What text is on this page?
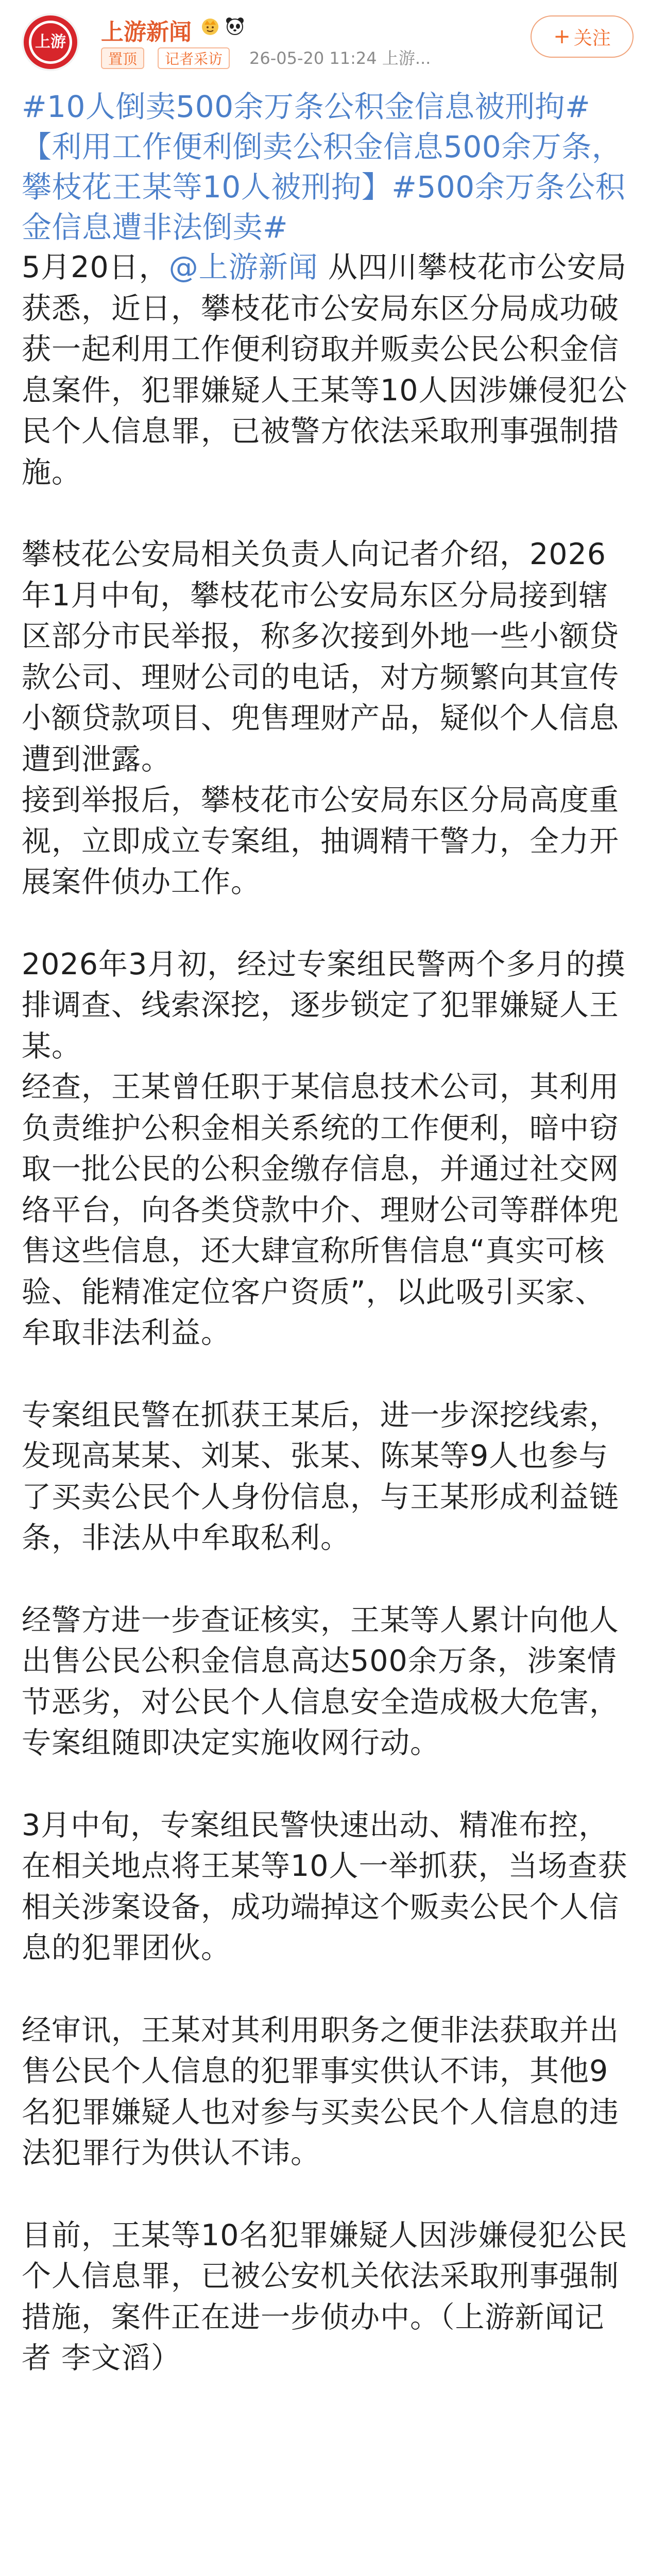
上游 上游新闻
置顶	记者采访	26-05-20 11:24 上游...
+ 关注
#10人倒卖500余万条公积金信息被刑拘#【利用工作便利倒卖公积金信息500余万条，攀枝花王某等10人被刑拘】#500余万条公积金信息遭非法倒卖#
5月20日，@上游新闻 从四川攀枝花市公安局获悉，近日，攀枝花市公安局东区分局成功破获一起利用工作便利窃取并贩卖公民公积金信息案件，犯罪嫌疑人王某等10人因涉嫌侵犯公民个人信息罪，已被警方依法采取刑事强制措施。
攀枝花公安局相关负责人向记者介绍，2026年1月中旬，攀枝花市公安局东区分局接到辖区部分市民举报，称多次接到外地一些小额贷款公司、理财公司的电话，对方频繁向其宣传小额贷款项目、兜售理财产品，疑似个人信息遭到泄露。
接到举报后，攀枝花市公安局东区分局高度重视，立即成立专案组，抽调精干警力，全力开展案件侦办工作。
2026年3月初，经过专案组民警两个多月的摸排调查、线索深挖，逐步锁定了犯罪嫌疑人王某。
经查，王某曾任职于某信息技术公司，其利用负责维护公积金相关系统的工作便利，暗中窃取一批公民的公积金缴存信息，并通过社交网络平台，向各类贷款中介、理财公司等群体兜售这些信息，还大肆宣称所售信息“真实可核验、能精准定位客户资质”，以此吸引买家、牟取非法利益。
专案组民警在抓获王某后，进一步深挖线索，发现高某某、刘某、张某、陈某等9人也参与了买卖公民个人身份信息，与王某形成利益链条，非法从中牟取私利。
经警方进一步查证核实，王某等人累计向他人出售公民公积金信息高达500余万条，涉案情节恶劣，对公民个人信息安全造成极大危害，专案组随即决定实施收网行动。
3月中旬，专案组民警快速出动、精准布控，在相关地点将王某等10人一举抓获，当场查获相关涉案设备，成功端掉这个贩卖公民个人信息的犯罪团伙。
经审讯，王某对其利用职务之便非法获取并出售公民个人信息的犯罪事实供认不讳，其他9名犯罪嫌疑人也对参与买卖公民个人信息的违法犯罪行为供认不讳。
目前，王某等10名犯罪嫌疑人因涉嫌侵犯公民个人信息罪，已被公安机关依法采取刑事强制措施，案件正在进一步侦办中。（上游新闻记者 李文滔）
